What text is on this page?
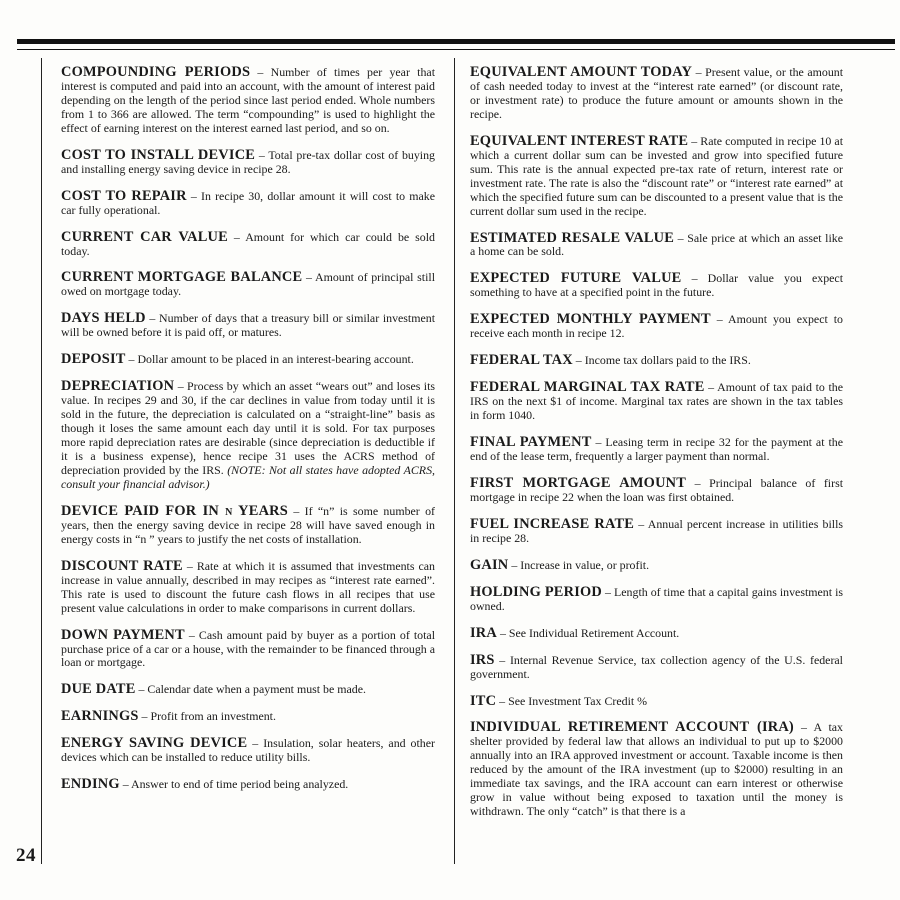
COMPOUNDING PERIODS – Number of times per year that interest is computed and paid into an account, with the amount of interest paid depending on the length of the period since last period ended. Whole numbers from 1 to 366 are allowed. The term “compounding” is used to highlight the effect of earning interest on the interest earned last period, and so on.

COST TO INSTALL DEVICE – Total pre-tax dollar cost of buying and installing energy saving device in recipe 28.

COST TO REPAIR – In recipe 30, dollar amount it will cost to make car fully operational.

CURRENT CAR VALUE – Amount for which car could be sold today.

CURRENT MORTGAGE BALANCE – Amount of principal still owed on mortgage today.

DAYS HELD – Number of days that a treasury bill or similar investment will be owned before it is paid off, or matures.

DEPOSIT – Dollar amount to be placed in an interest-bearing account.

DEPRECIATION – Process by which an asset “wears out” and loses its value. In recipes 29 and 30, if the car declines in value from today until it is sold in the future, the depreciation is calculated on a “straight-line” basis as though it loses the same amount each day until it is sold. For tax purposes more rapid depreciation rates are desirable (since depreciation is deductible if it is a business expense), hence recipe 31 uses the ACRS method of depreciation provided by the IRS. (NOTE: Not all states have adopted ACRS, consult your financial advisor.)

DEVICE PAID FOR IN n YEARS – If “n” is some number of years, then the energy saving device in recipe 28 will have saved enough in energy costs in “n ” years to justify the net costs of installation.

DISCOUNT RATE – Rate at which it is assumed that investments can increase in value annually, described in may recipes as “interest rate earned”. This rate is used to discount the future cash flows in all recipes that use present value calculations in order to make comparisons in current dollars.

DOWN PAYMENT – Cash amount paid by buyer as a portion of total purchase price of a car or a house, with the remainder to be financed through a loan or mortgage.

DUE DATE – Calendar date when a payment must be made.

EARNINGS – Profit from an investment.

ENERGY SAVING DEVICE – Insulation, solar heaters, and other devices which can be installed to reduce utility bills.

ENDING – Answer to end of time period being analyzed.

EQUIVALENT AMOUNT TODAY – Present value, or the amount of cash needed today to invest at the “interest rate earned” (or discount rate, or investment rate) to produce the future amount or amounts shown in the recipe.

EQUIVALENT INTEREST RATE – Rate computed in recipe 10 at which a current dollar sum can be invested and grow into specified future sum. This rate is the annual expected pre-tax rate of return, interest rate or investment rate. The rate is also the “discount rate” or “interest rate earned” at which the specified future sum can be discounted to a present value that is the current dollar sum used in the recipe.

ESTIMATED RESALE VALUE – Sale price at which an asset like a home can be sold.

EXPECTED FUTURE VALUE – Dollar value you expect something to have at a specified point in the future.

EXPECTED MONTHLY PAYMENT – Amount you expect to receive each month in recipe 12.

FEDERAL TAX – Income tax dollars paid to the IRS.

FEDERAL MARGINAL TAX RATE – Amount of tax paid to the IRS on the next $1 of income. Marginal tax rates are shown in the tax tables in form 1040.

FINAL PAYMENT – Leasing term in recipe 32 for the payment at the end of the lease term, frequently a larger payment than normal.

FIRST MORTGAGE AMOUNT – Principal balance of first mortgage in recipe 22 when the loan was first obtained.

FUEL INCREASE RATE – Annual percent increase in utilities bills in recipe 28.

GAIN – Increase in value, or profit.

HOLDING PERIOD – Length of time that a capital gains investment is owned.

IRA – See Individual Retirement Account.

IRS – Internal Revenue Service, tax collection agency of the U.S. federal government.

ITC – See Investment Tax Credit %

INDIVIDUAL RETIREMENT ACCOUNT (IRA) – A tax shelter provided by federal law that allows an individual to put up to $2000 annually into an IRA approved investment or account. Taxable income is then reduced by the amount of the IRA investment (up to $2000) resulting in an immediate tax savings, and the IRA account can earn interest or otherwise grow in value without being exposed to taxation until the money is withdrawn. The only “catch” is that there is a

24
